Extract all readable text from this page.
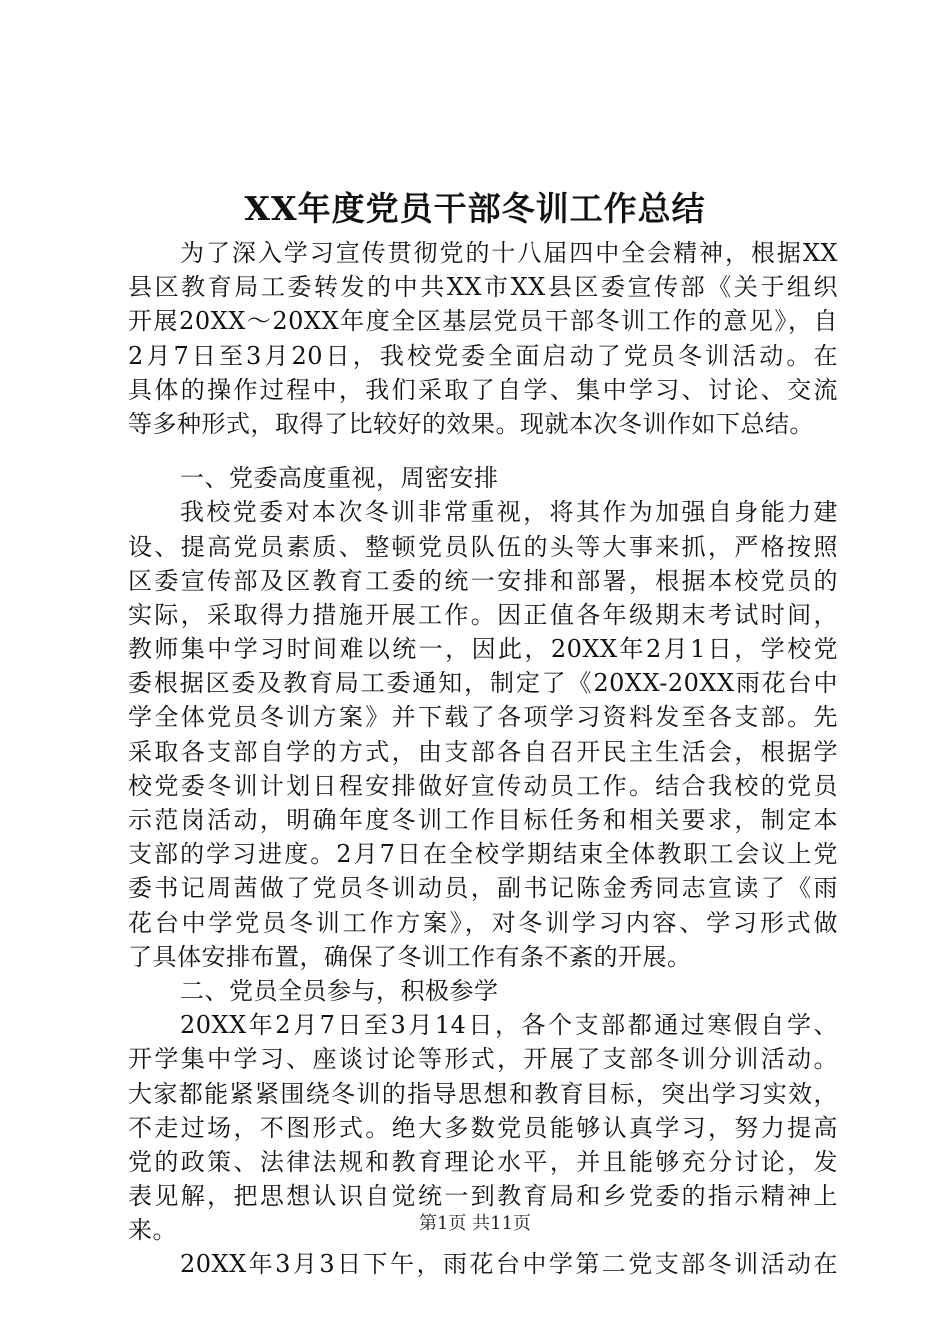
XX年度党员干部冬训工作总结
为了深入学习宣传贯彻党的十八届四中全会精神，根据XX
县区教育局工委转发的中共XX市XX县区委宣传部《关于组织
开展20XX～20XX年度全区基层党员干部冬训工作的意见》，自
2月7日至3月20日，我校党委全面启动了党员冬训活动。在
具体的操作过程中，我们采取了自学、集中学习、讨论、交流
等多种形式，取得了比较好的效果。现就本次冬训作如下总结。
一、党委高度重视，周密安排
我校党委对本次冬训非常重视，将其作为加强自身能力建
设、提高党员素质、整顿党员队伍的头等大事来抓，严格按照
区委宣传部及区教育工委的统一安排和部署，根据本校党员的
实际，采取得力措施开展工作。因正值各年级期末考试时间，
教师集中学习时间难以统一，因此，20XX年2月1日，学校党
委根据区委及教育局工委通知，制定了《20XX-20XX雨花台中
学全体党员冬训方案》并下载了各项学习资料发至各支部。先
采取各支部自学的方式，由支部各自召开民主生活会，根据学
校党委冬训计划日程安排做好宣传动员工作。结合我校的党员
示范岗活动，明确年度冬训工作目标任务和相关要求，制定本
支部的学习进度。2月7日在全校学期结束全体教职工会议上党
委书记周茜做了党员冬训动员，副书记陈金秀同志宣读了《雨
花台中学党员冬训工作方案》，对冬训学习内容、学习形式做
了具体安排布置，确保了冬训工作有条不紊的开展。
二、党员全员参与，积极参学
20XX年2月7日至3月14日，各个支部都通过寒假自学、
开学集中学习、座谈讨论等形式，开展了支部冬训分训活动。
大家都能紧紧围绕冬训的指导思想和教育目标，突出学习实效，
不走过场，不图形式。绝大多数党员能够认真学习，努力提高
党的政策、法律法规和教育理论水平，并且能够充分讨论，发
表见解，把思想认识自觉统一到教育局和乡党委的指示精神上
来。
20XX年3月3日下午，雨花台中学第二党支部冬训活动在
第1页 共11页
